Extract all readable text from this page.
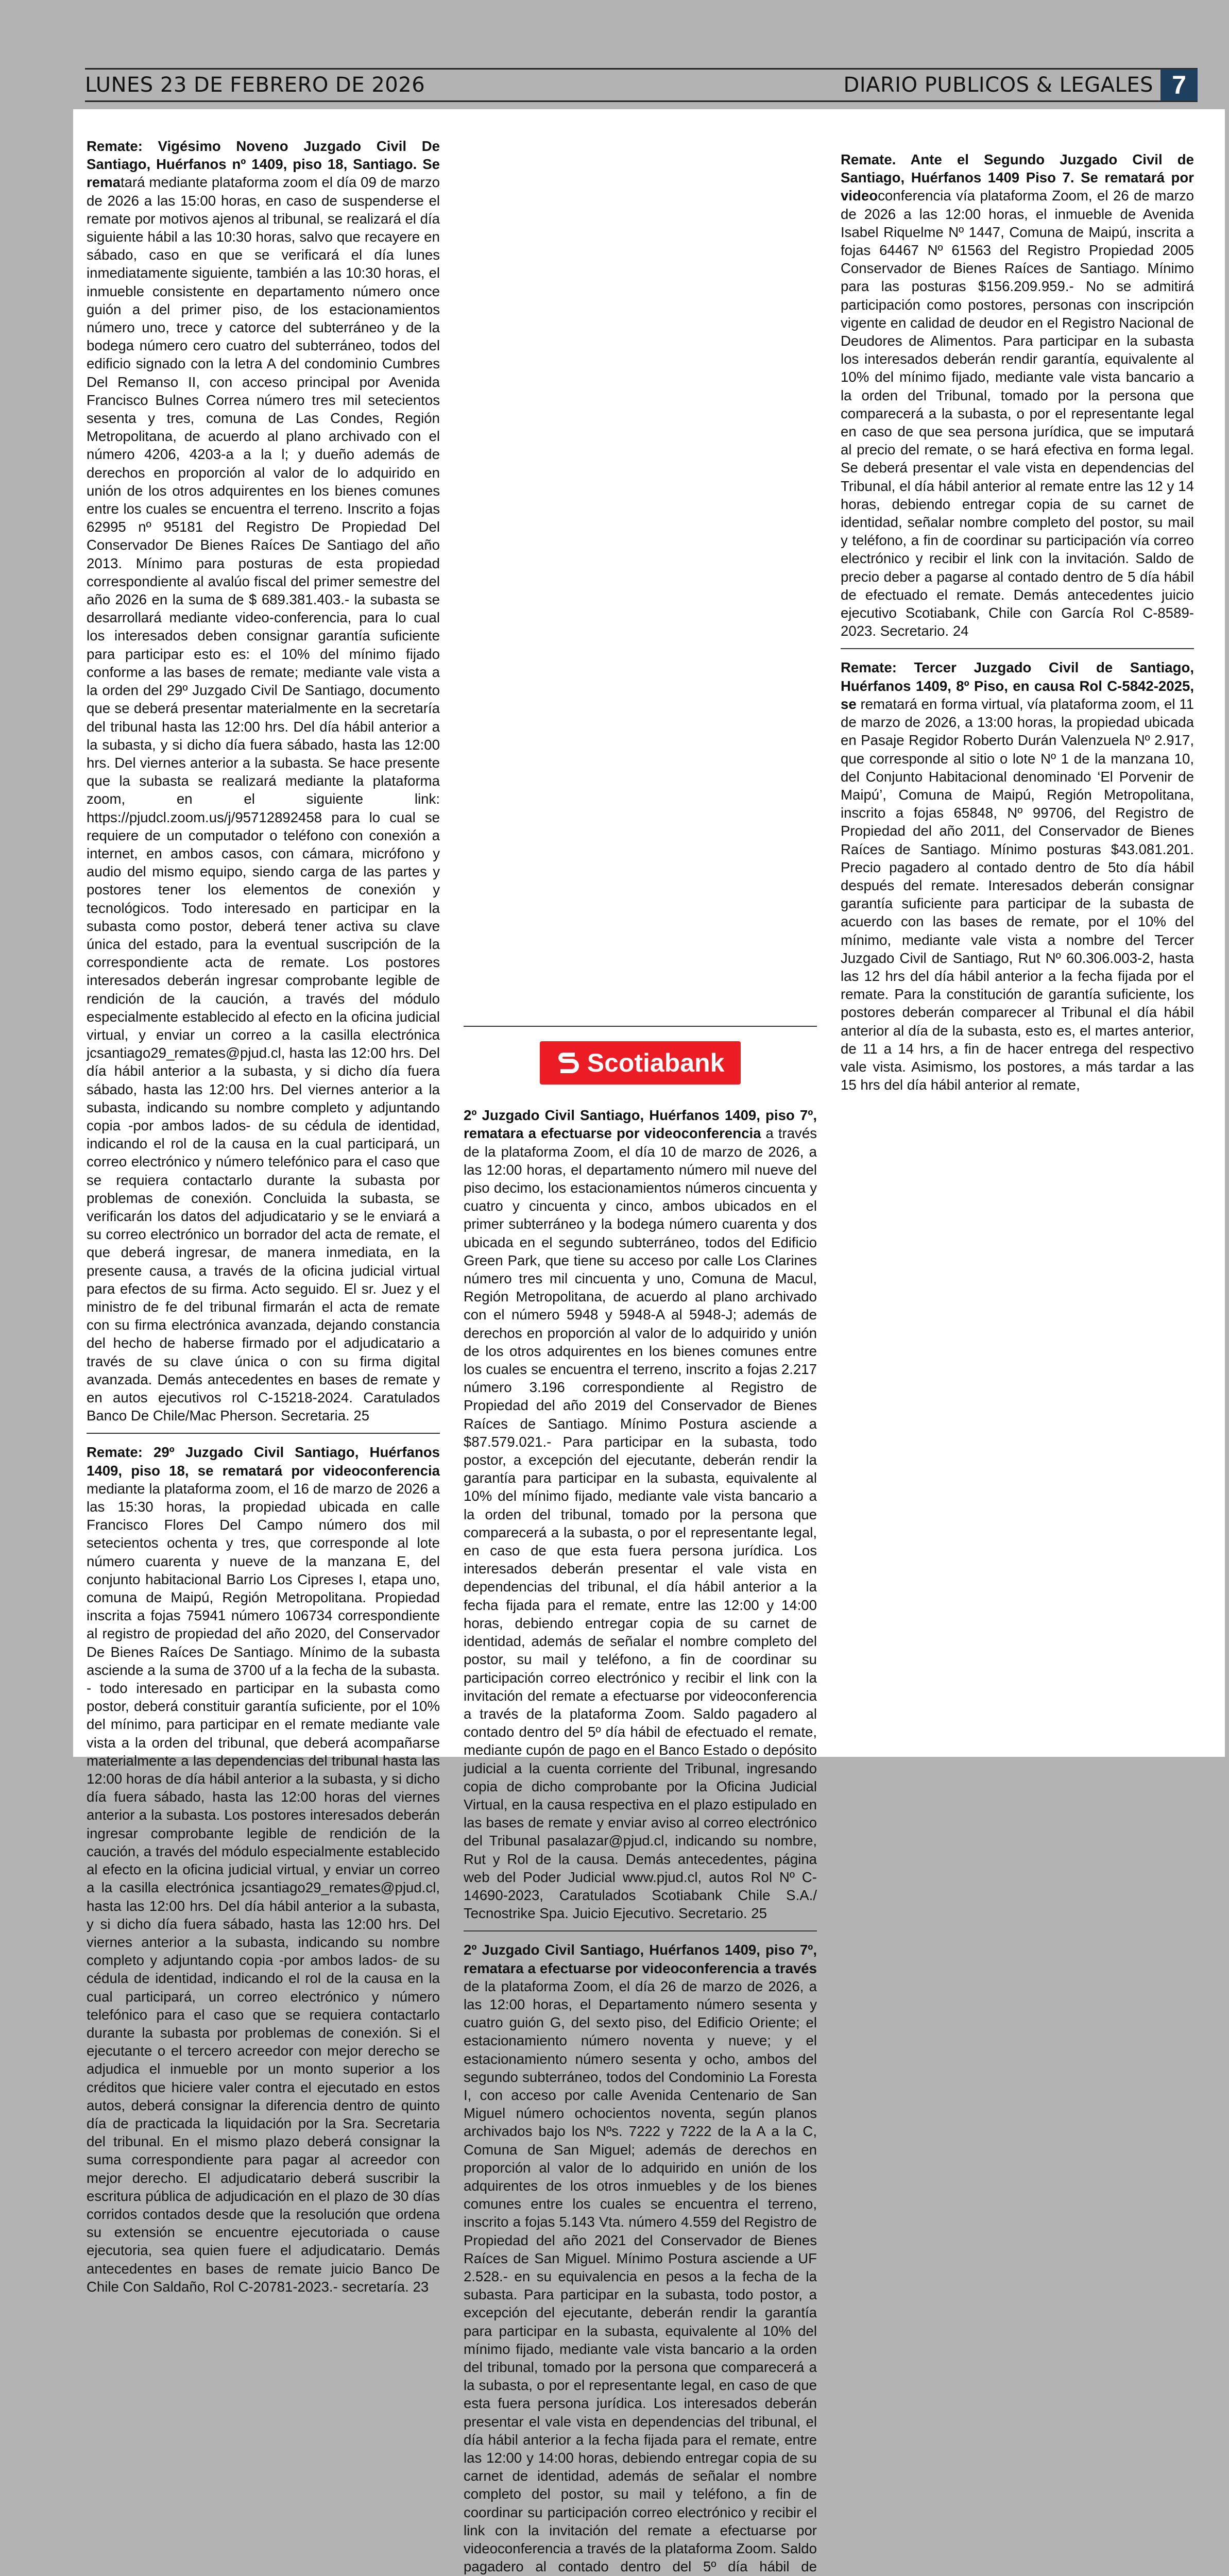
LUNES 23 DE FEBRERO DE 2026	DIARIO PUBLICOS & LEGALES 7

Remate: Vigésimo Noveno Juzgado Civil De Santiago, Huérfanos nº 1409, piso 18, Santiago. Se rematará mediante plataforma zoom el día 09 de marzo de 2026 a las 15:00 horas, en caso de suspenderse el remate por motivos ajenos al tribunal, se realizará el día siguiente hábil a las 10:30 horas, salvo que recayere en sábado, caso en que se verificará el día lunes inmediatamente siguiente, también a las 10:30 horas, el inmueble consistente en departamento número once guión a del primer piso, de los estacionamientos número uno, trece y catorce del subterráneo y de la bodega número cero cuatro del subterráneo, todos del edificio signado con la letra A del condominio Cumbres Del Remanso II, con acceso principal por Avenida Francisco Bulnes Correa número tres mil setecientos sesenta y tres, comuna de Las Condes, Región Metropolitana, de acuerdo al plano archivado con el número 4206, 4203-a a la l; y dueño además de derechos en proporción al valor de lo adquirido en unión de los otros adquirentes en los bienes comunes entre los cuales se encuentra el terreno. Inscrito a fojas 62995 nº 95181 del Registro De Propiedad Del Conservador De Bienes Raíces De Santiago del año 2013. Mínimo para posturas de esta propiedad correspondiente al avalúo fiscal del primer semestre del año 2026 en la suma de $ 689.381.403.- la subasta se desarrollará mediante video-conferencia, para lo cual los interesados deben consignar garantía suficiente para participar esto es: el 10% del mínimo fijado conforme a las bases de remate; mediante vale vista a la orden del 29º Juzgado Civil De Santiago, documento que se deberá presentar materialmente en la secretaría del tribunal hasta las 12:00 hrs. Del día hábil anterior a la subasta, y si dicho día fuera sábado, hasta las 12:00 hrs. Del viernes anterior a la subasta. Se hace presente que la subasta se realizará mediante la plataforma zoom, en el siguiente link: https://pjudcl.zoom.us/j/95712892458 para lo cual se requiere de un computador o teléfono con conexión a internet, en ambos casos, con cámara, micrófono y audio del mismo equipo, siendo carga de las partes y postores tener los elementos de conexión y tecnológicos. Todo interesado en participar en la subasta como postor, deberá tener activa su clave única del estado, para la eventual suscripción de la correspondiente acta de remate. Los postores interesados deberán ingresar comprobante legible de rendición de la caución, a través del módulo especialmente establecido al efecto en la oficina judicial virtual, y enviar un correo a la casilla electrónica jcsantiago29_remates@pjud.cl, hasta las 12:00 hrs. Del día hábil anterior a la subasta, y si dicho día fuera sábado, hasta las 12:00 hrs. Del viernes anterior a la subasta, indicando su nombre completo y adjuntando copia -por ambos lados- de su cédula de identidad, indicando el rol de la causa en la cual participará, un correo electrónico y número telefónico para el caso que se requiera contactarlo durante la subasta por problemas de conexión. Concluida la subasta, se verificarán los datos del adjudicatario y se le enviará a su correo electrónico un borrador del acta de remate, el que deberá ingresar, de manera inmediata, en la presente causa, a través de la oficina judicial virtual para efectos de su firma. Acto seguido. El sr. Juez y el ministro de fe del tribunal firmarán el acta de remate con su firma electrónica avanzada, dejando constancia del hecho de haberse firmado por el adjudicatario a través de su clave única o con su firma digital avanzada. Demás antecedentes en bases de remate y en autos ejecutivos rol C-15218-2024. Caratulados Banco De Chile/Mac Pherson. Secretaria. 25

Remate: 29º Juzgado Civil Santiago, Huérfanos 1409, piso 18, se rematará por videoconferencia mediante la plataforma zoom, el 16 de marzo de 2026 a las 15:30 horas, la propiedad ubicada en calle Francisco Flores Del Campo número dos mil setecientos ochenta y tres, que corresponde al lote número cuarenta y nueve de la manzana E, del conjunto habitacional Barrio Los Cipreses I, etapa uno, comuna de Maipú, Región Metropolitana. Propiedad inscrita a fojas 75941 número 106734 correspondiente al registro de propiedad del año 2020, del Conservador De Bienes Raíces De Santiago. Mínimo de la subasta asciende a la suma de 3700 uf a la fecha de la subasta. - todo interesado en participar en la subasta como postor, deberá constituir garantía suficiente, por el 10% del mínimo, para participar en el remate mediante vale vista a la orden del tribunal, que deberá acompañarse materialmente a las dependencias del tribunal hasta las 12:00 horas de día hábil anterior a la subasta, y si dicho día fuera sábado, hasta las 12:00 horas del viernes anterior a la subasta. Los postores interesados deberán ingresar comprobante legible de rendición de la caución, a través del módulo especialmente establecido al efecto en la oficina judicial virtual, y enviar un correo a la casilla electrónica jcsantiago29_remates@pjud.cl, hasta las 12:00 hrs. Del día hábil anterior a la subasta, y si dicho día fuera sábado, hasta las 12:00 hrs. Del viernes anterior a la subasta, indicando su nombre completo y adjuntando copia -por ambos lados- de su cédula de identidad, indicando el rol de la causa en la cual participará, un correo electrónico y número telefónico para el caso que se requiera contactarlo durante la subasta por problemas de conexión. Si el ejecutante o el tercero acreedor con mejor derecho se adjudica el inmueble por un monto superior a los créditos que hiciere valer contra el ejecutado en estos autos, deberá consignar la diferencia dentro de quinto día de practicada la liquidación por la Sra. Secretaria del tribunal. En el mismo plazo deberá consignar la suma correspondiente para pagar al acreedor con mejor derecho. El adjudicatario deberá suscribir la escritura pública de adjudicación en el plazo de 30 días corridos contados desde que la resolución que ordena su extensión se encuentre ejecutoriada o cause ejecutoria, sea quien fuere el adjudicatario. Demás antecedentes en bases de remate juicio Banco De Chile Con Saldaño, Rol C-20781-2023.- secretaría. 23

Scotiabank

2º Juzgado Civil Santiago, Huérfanos 1409, piso 7º, rematara a efectuarse por videoconferencia a través de la plataforma Zoom, el día 10 de marzo de 2026, a las 12:00 horas, el departamento número mil nueve del piso decimo, los estacionamientos números cincuenta y cuatro y cincuenta y cinco, ambos ubicados en el primer subterráneo y la bodega número cuarenta y dos ubicada en el segundo subterráneo, todos del Edificio Green Park, que tiene su acceso por calle Los Clarines número tres mil cincuenta y uno, Comuna de Macul, Región Metropolitana, de acuerdo al plano archivado con el número 5948 y 5948-A al 5948-J; además de derechos en proporción al valor de lo adquirido y unión de los otros adquirentes en los bienes comunes entre los cuales se encuentra el terreno, inscrito a fojas 2.217 número 3.196 correspondiente al Registro de Propiedad del año 2019 del Conservador de Bienes Raíces de Santiago. Mínimo Postura asciende a $87.579.021.- Para participar en la subasta, todo postor, a excepción del ejecutante, deberán rendir la garantía para participar en la subasta, equivalente al 10% del mínimo fijado, mediante vale vista bancario a la orden del tribunal, tomado por la persona que comparecerá a la subasta, o por el representante legal, en caso de que esta fuera persona jurídica. Los interesados deberán presentar el vale vista en dependencias del tribunal, el día hábil anterior a la fecha fijada para el remate, entre las 12:00 y 14:00 horas, debiendo entregar copia de su carnet de identidad, además de señalar el nombre completo del postor, su mail y teléfono, a fin de coordinar su participación correo electrónico y recibir el link con la invitación del remate a efectuarse por videoconferencia a través de la plataforma Zoom. Saldo pagadero al contado dentro del 5º día hábil de efectuado el remate, mediante cupón de pago en el Banco Estado o depósito judicial a la cuenta corriente del Tribunal, ingresando copia de dicho comprobante por la Oficina Judicial Virtual, en la causa respectiva en el plazo estipulado en las bases de remate y enviar aviso al correo electrónico del Tribunal pasalazar@pjud.cl, indicando su nombre, Rut y Rol de la causa. Demás antecedentes, página web del Poder Judicial www.pjud.cl, autos Rol Nº C-14690-2023, Caratulados Scotiabank Chile S.A./ Tecnostrike Spa. Juicio Ejecutivo. Secretario. 25

2º Juzgado Civil Santiago, Huérfanos 1409, piso 7º, rematara a efectuarse por videoconferencia a través de la plataforma Zoom, el día 26 de marzo de 2026, a las 12:00 horas, el Departamento número sesenta y cuatro guión G, del sexto piso, del Edificio Oriente; el estacionamiento número noventa y nueve; y el estacionamiento número sesenta y ocho, ambos del segundo subterráneo, todos del Condominio La Foresta I, con acceso por calle Avenida Centenario de San Miguel número ochocientos noventa, según planos archivados bajo los Nºs. 7222 y 7222 de la A a la C, Comuna de San Miguel; además de derechos en proporción al valor de lo adquirido en unión de los adquirentes de los otros inmuebles y de los bienes comunes entre los cuales se encuentra el terreno, inscrito a fojas 5.143 Vta. número 4.559 del Registro de Propiedad del año 2021 del Conservador de Bienes Raíces de San Miguel. Mínimo Postura asciende a UF 2.528.- en su equivalencia en pesos a la fecha de la subasta. Para participar en la subasta, todo postor, a excepción del ejecutante, deberán rendir la garantía para participar en la subasta, equivalente al 10% del mínimo fijado, mediante vale vista bancario a la orden del tribunal, tomado por la persona que comparecerá a la subasta, o por el representante legal, en caso de que esta fuera persona jurídica. Los interesados deberán presentar el vale vista en dependencias del tribunal, el día hábil anterior a la fecha fijada para el remate, entre las 12:00 y 14:00 horas, debiendo entregar copia de su carnet de identidad, además de señalar el nombre completo del postor, su mail y teléfono, a fin de coordinar su participación correo electrónico y recibir el link con la invitación del remate a efectuarse por videoconferencia a través de la plataforma Zoom. Saldo pagadero al contado dentro del 5º día hábil de

Remate. Ante el Segundo Juzgado Civil de Santiago, Huérfanos 1409 Piso 7. Se rematará por videoconferencia vía plataforma Zoom, el 26 de marzo de 2026 a las 12:00 horas, el inmueble de Avenida Isabel Riquelme Nº 1447, Comuna de Maipú, inscrita a fojas 64467 Nº 61563 del Registro Propiedad 2005 Conservador de Bienes Raíces de Santiago. Mínimo para las posturas $156.209.959.- No se admitirá participación como postores, personas con inscripción vigente en calidad de deudor en el Registro Nacional de Deudores de Alimentos. Para participar en la subasta los interesados deberán rendir garantía, equivalente al 10% del mínimo fijado, mediante vale vista bancario a la orden del Tribunal, tomado por la persona que comparecerá a la subasta, o por el representante legal en caso de que sea persona jurídica, que se imputará al precio del remate, o se hará efectiva en forma legal. Se deberá presentar el vale vista en dependencias del Tribunal, el día hábil anterior al remate entre las 12 y 14 horas, debiendo entregar copia de su carnet de identidad, señalar nombre completo del postor, su mail y teléfono, a fin de coordinar su participación vía correo electrónico y recibir el link con la invitación. Saldo de precio deber a pagarse al contado dentro de 5 día hábil de efectuado el remate. Demás antecedentes juicio ejecutivo Scotiabank, Chile con García Rol C-8589-2023. Secretario. 24

Remate: Tercer Juzgado Civil de Santiago, Huérfanos 1409, 8º Piso, en causa Rol C-5842-2025, se rematará en forma virtual, vía plataforma zoom, el 11 de marzo de 2026, a 13:00 horas, la propiedad ubicada en Pasaje Regidor Roberto Durán Valenzuela Nº 2.917, que corresponde al sitio o lote Nº 1 de la manzana 10, del Conjunto Habitacional denominado ‘El Porvenir de Maipú’, Comuna de Maipú, Región Metropolitana, inscrito a fojas 65848, Nº 99706, del Registro de Propiedad del año 2011, del Conservador de Bienes Raíces de Santiago. Mínimo posturas $43.081.201. Precio pagadero al contado dentro de 5to día hábil después del remate. Interesados deberán consignar garantía suficiente para participar de la subasta de acuerdo con las bases de remate, por el 10% del mínimo, mediante vale vista a nombre del Tercer Juzgado Civil de Santiago, Rut Nº 60.306.003-2, hasta las 12 hrs del día hábil anterior a la fecha fijada por el remate. Para la constitución de garantía suficiente, los postores deberán comparecer al Tribunal el día hábil anterior al día de la subasta, esto es, el martes anterior, de 11 a 14 hrs, a fin de hacer entrega del respectivo vale vista. Asimismo, los postores, a más tardar a las 15 hrs del día hábil anterior al remate,
